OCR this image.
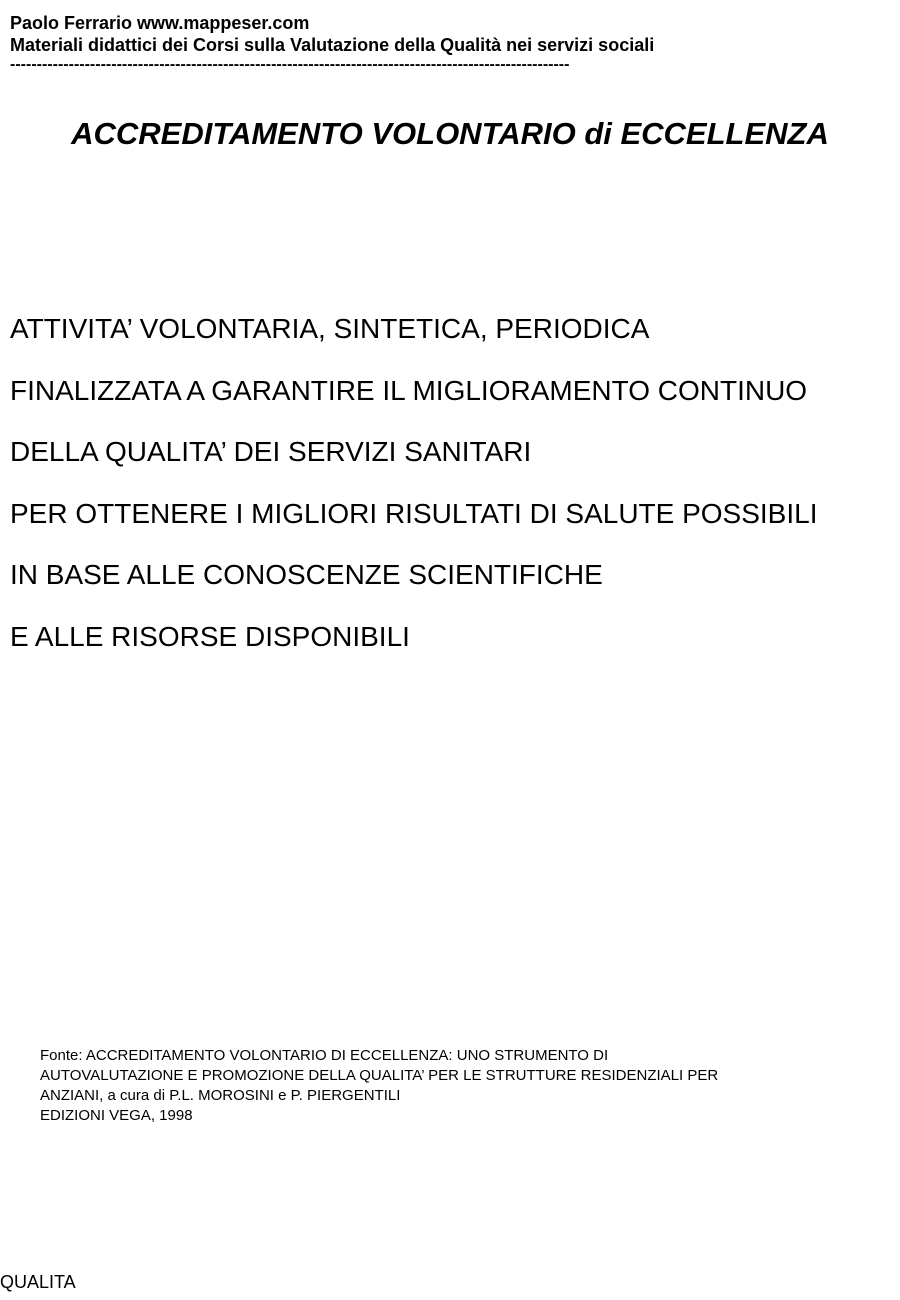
Paolo Ferrario www.mappeser.com
Materiali didattici dei Corsi sulla Valutazione della Qualità nei servizi sociali
---------------------------------------------------------------------------------------------------------
ACCREDITAMENTO VOLONTARIO di ECCELLENZA
ATTIVITA’ VOLONTARIA, SINTETICA, PERIODICA
FINALIZZATA A GARANTIRE IL MIGLIORAMENTO CONTINUO
DELLA QUALITA’ DEI SERVIZI SANITARI
PER OTTENERE I MIGLIORI RISULTATI DI SALUTE POSSIBILI
IN BASE ALLE CONOSCENZE SCIENTIFICHE
E ALLE RISORSE DISPONIBILI
Fonte: ACCREDITAMENTO VOLONTARIO DI ECCELLENZA: UNO STRUMENTO DI
AUTOVALUTAZIONE E PROMOZIONE DELLA QUALITA’ PER LE STRUTTURE RESIDENZIALI PER
ANZIANI, a cura di P.L. MOROSINI e P. PIERGENTILI
EDIZIONI VEGA, 1998
QUALITA
